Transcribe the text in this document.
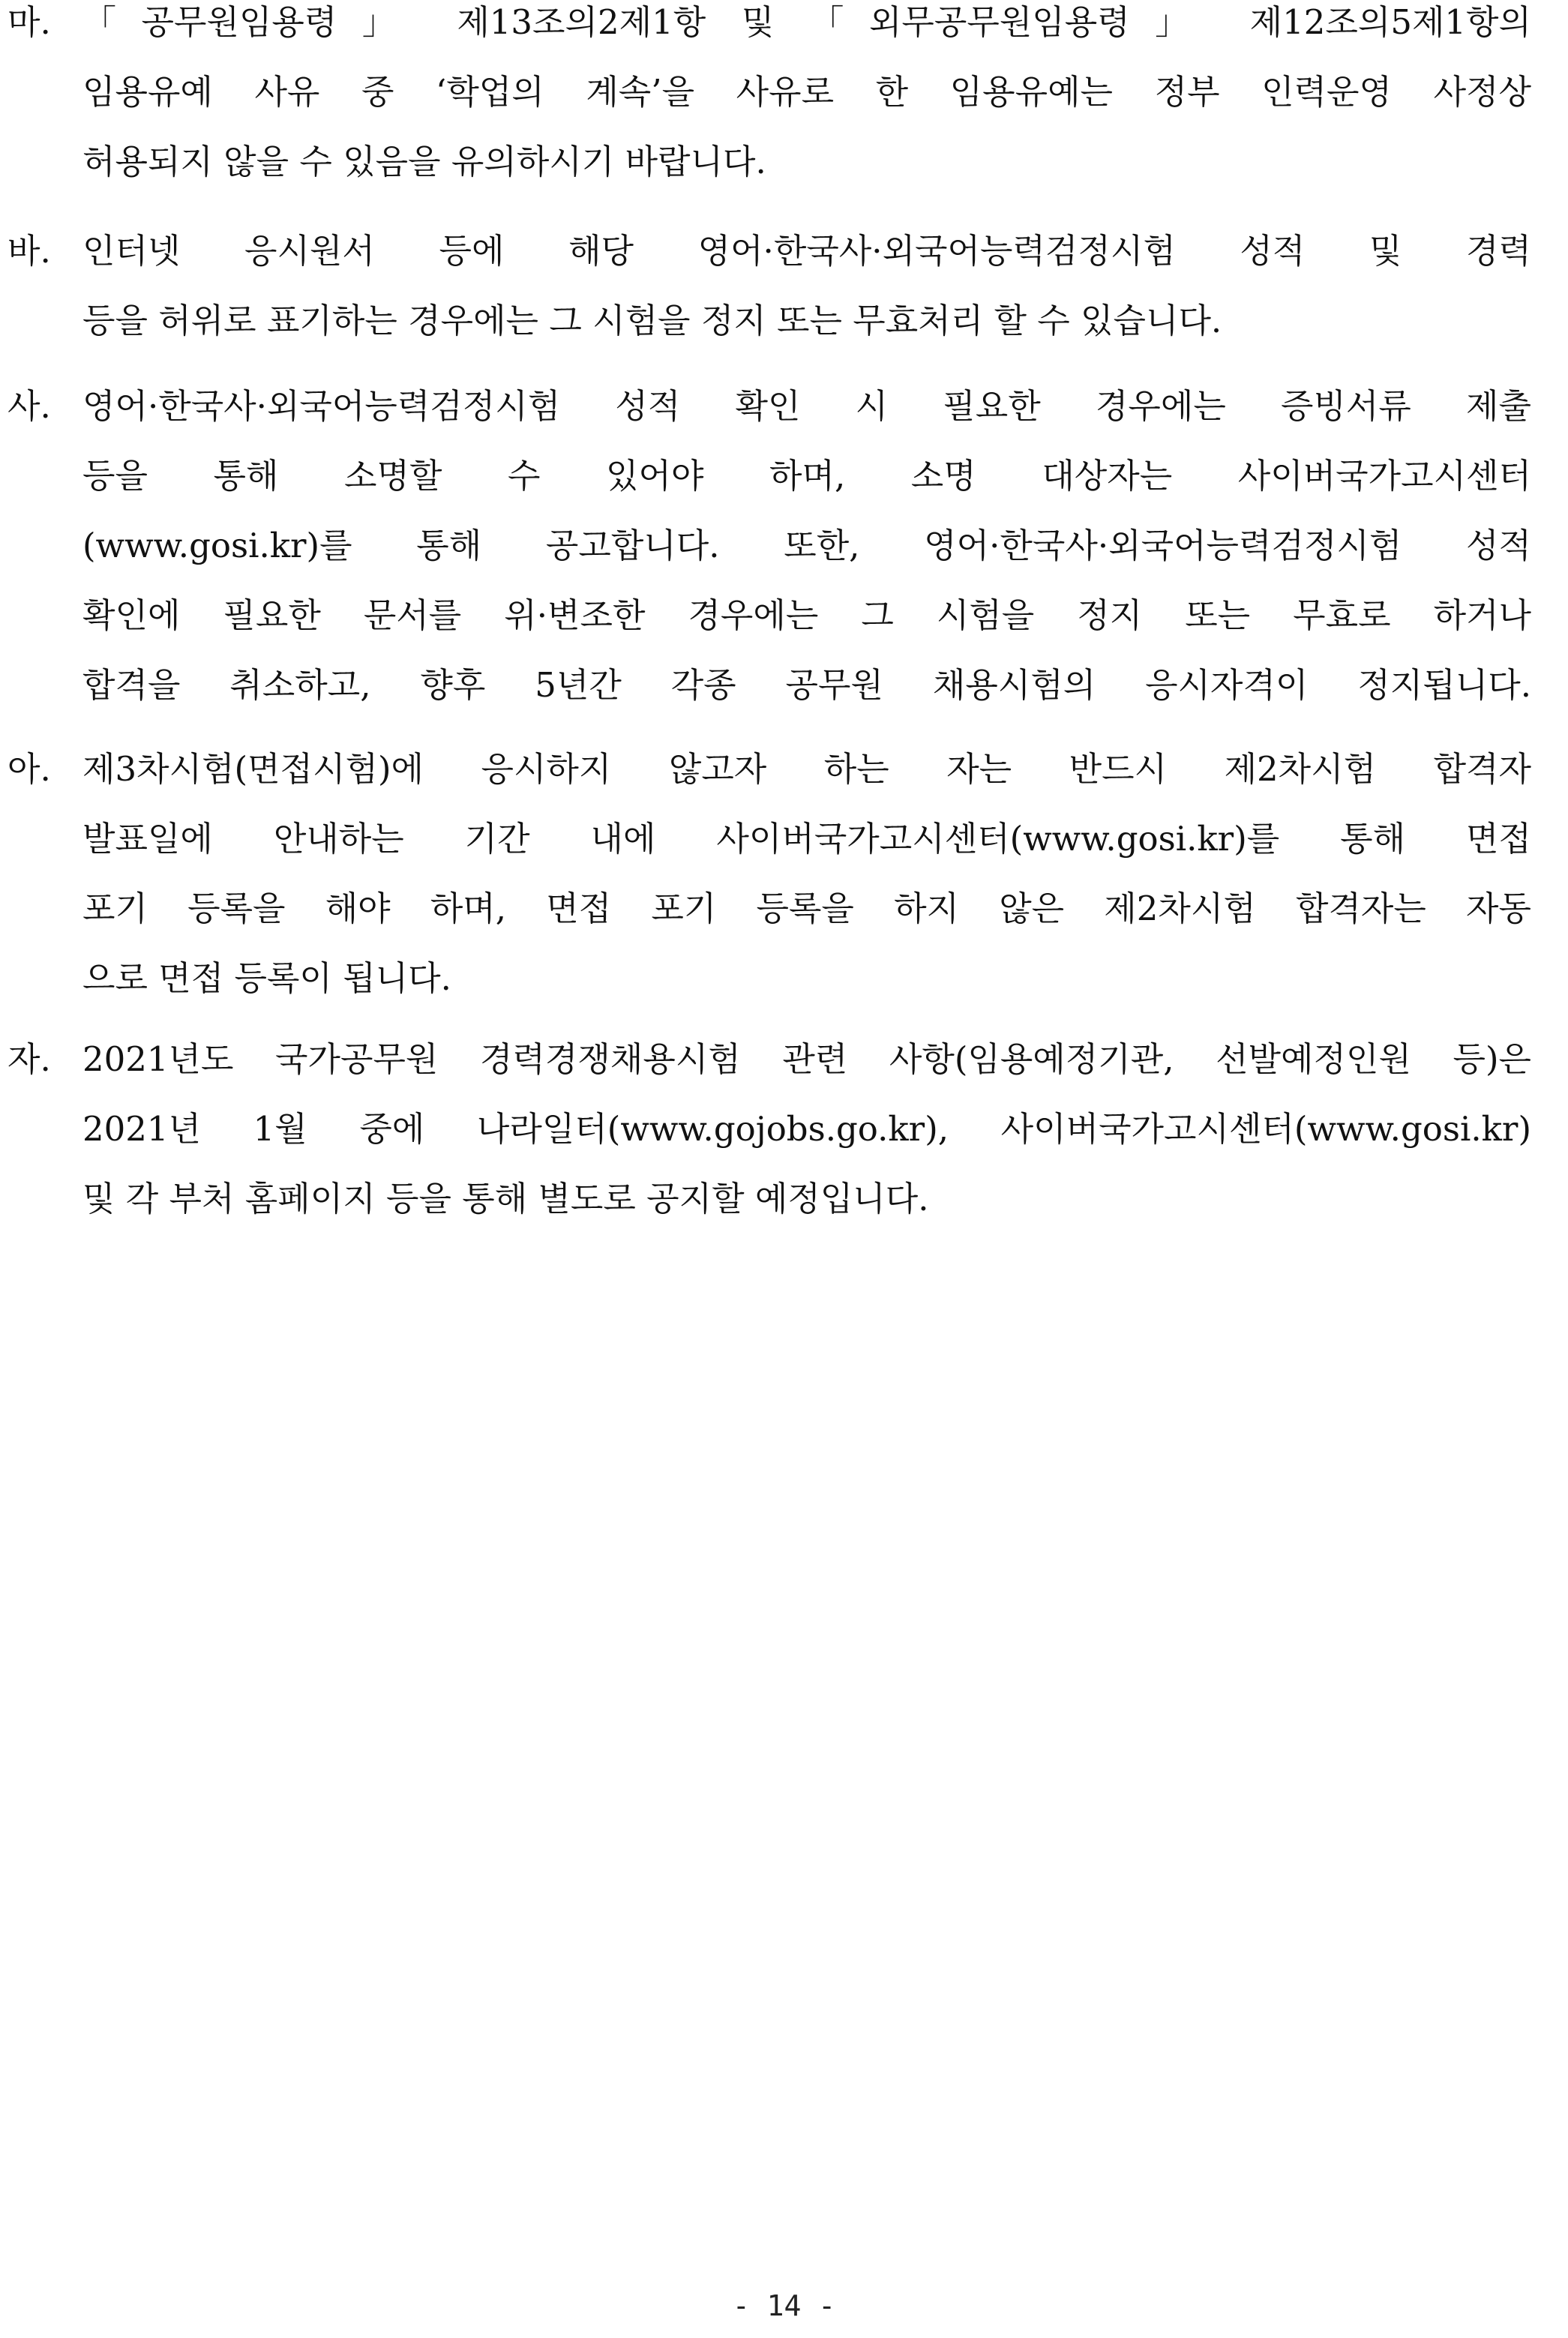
마. 「공무원임용령」 제13조의2제1항 및 「외무공무원임용령」 제12조의5제1항의
임용유예 사유 중 ‘학업의 계속’을 사유로 한 임용유예는 정부 인력운영 사정상
허용되지 않을 수 있음을 유의하시기 바랍니다.
바. 인터넷 응시원서 등에 해당 영어·한국사·외국어능력검정시험 성적 및 경력
등을 허위로 표기하는 경우에는 그 시험을 정지 또는 무효처리 할 수 있습니다.
사. 영어·한국사·외국어능력검정시험 성적 확인 시 필요한 경우에는 증빙서류 제출
등을 통해 소명할 수 있어야 하며, 소명 대상자는 사이버국가고시센터
(www.gosi.kr)를 통해 공고합니다. 또한, 영어·한국사·외국어능력검정시험 성적
확인에 필요한 문서를 위·변조한 경우에는 그 시험을 정지 또는 무효로 하거나
합격을 취소하고, 향후 5년간 각종 공무원 채용시험의 응시자격이 정지됩니다.
아. 제3차시험(면접시험)에 응시하지 않고자 하는 자는 반드시 제2차시험 합격자
발표일에 안내하는 기간 내에 사이버국가고시센터(www.gosi.kr)를 통해 면접
포기 등록을 해야 하며, 면접 포기 등록을 하지 않은 제2차시험 합격자는 자동
으로 면접 등록이 됩니다.
자. 2021년도 국가공무원 경력경쟁채용시험 관련 사항(임용예정기관, 선발예정인원 등)은
2021년 1월 중에 나라일터(www.gojobs.go.kr), 사이버국가고시센터(www.gosi.kr)
및 각 부처 홈페이지 등을 통해 별도로 공지할 예정입니다.
- 14 -
